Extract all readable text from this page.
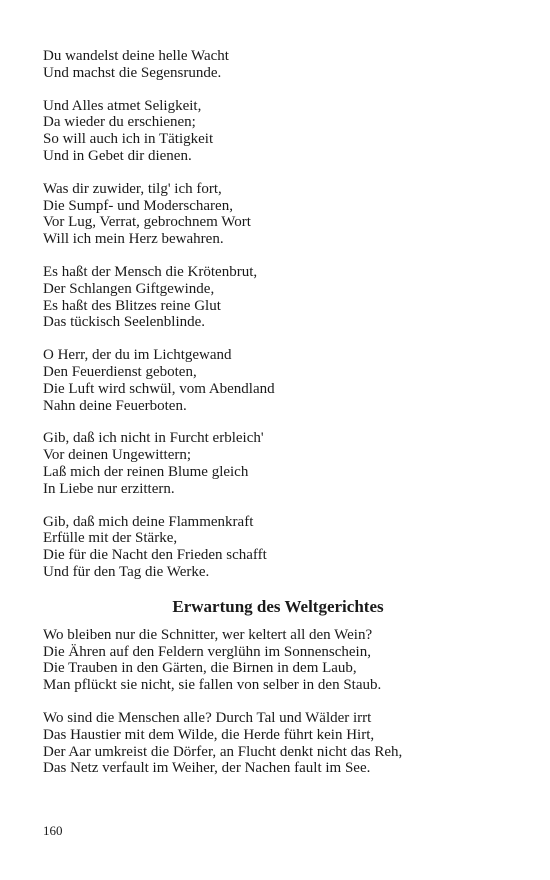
Du wandelst deine helle Wacht
Und machst die Segensrunde.
Und Alles atmet Seligkeit,
Da wieder du erschienen;
So will auch ich in Tätigkeit
Und in Gebet dir dienen.
Was dir zuwider, tilg' ich fort,
Die Sumpf- und Moderscharen,
Vor Lug, Verrat, gebrochnem Wort
Will ich mein Herz bewahren.
Es haßt der Mensch die Krötenbrut,
Der Schlangen Giftgewinde,
Es haßt des Blitzes reine Glut
Das tückisch Seelenblinde.
O Herr, der du im Lichtgewand
Den Feuerdienst geboten,
Die Luft wird schwül, vom Abendland
Nahn deine Feuerboten.
Gib, daß ich nicht in Furcht erbleich'
Vor deinen Ungewittern;
Laß mich der reinen Blume gleich
In Liebe nur erzittern.
Gib, daß mich deine Flammenkraft
Erfülle mit der Stärke,
Die für die Nacht den Frieden schafft
Und für den Tag die Werke.
Erwartung des Weltgerichtes
Wo bleiben nur die Schnitter, wer keltert all den Wein?
Die Ähren auf den Feldern verglühn im Sonnenschein,
Die Trauben in den Gärten, die Birnen in dem Laub,
Man pflückt sie nicht, sie fallen von selber in den Staub.
Wo sind die Menschen alle? Durch Tal und Wälder irrt
Das Haustier mit dem Wilde, die Herde führt kein Hirt,
Der Aar umkreist die Dörfer, an Flucht denkt nicht das Reh,
Das Netz verfault im Weiher, der Nachen fault im See.
160
